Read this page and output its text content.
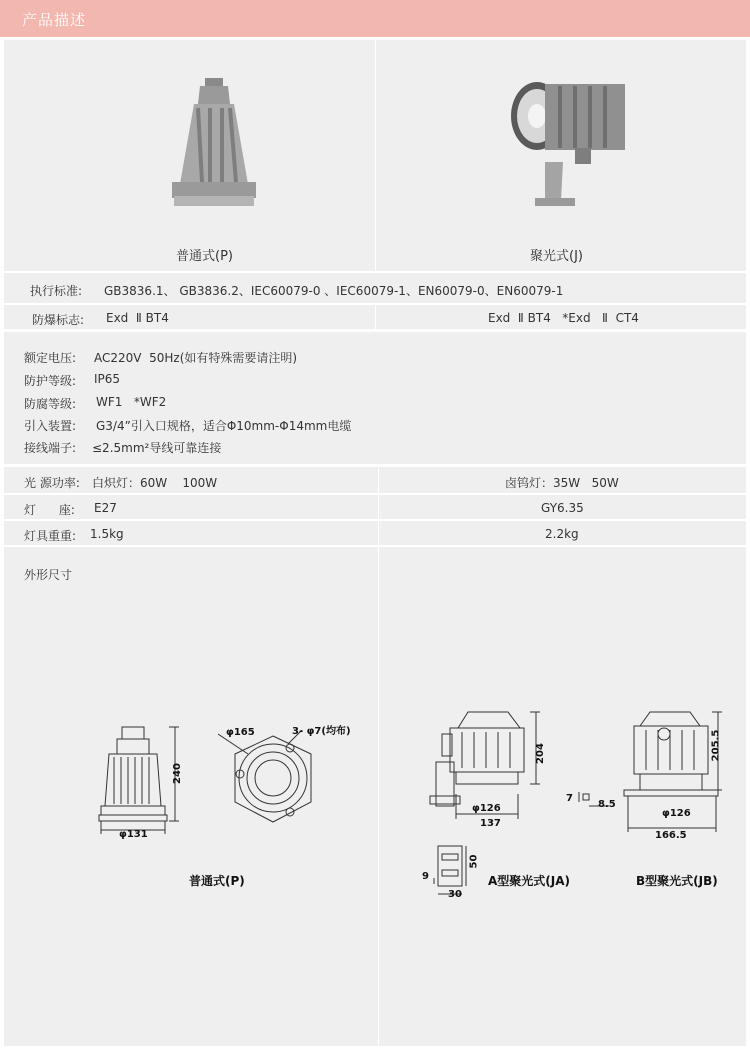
产品描述
普通式(P)	聚光式(J)
执行标准: GB3836.1、 GB3836.2、IEC60079-0 、IEC60079-1、EN60079-0、EN60079-1
防爆标志: Exd  Ⅱ BT4	Exd  Ⅱ BT4   *Exd   Ⅱ  CT4
额定电压: AC220V  50Hz(如有特殊需要请注明)
防护等级: IP65
防腐等级: WF1   *WF2
引入装置: G3/4”引入口规格，适合Φ10mm-Φ14mm电缆
接线端子: ≤2.5mm²导线可靠连接
光 源功率: 白炽灯：60W    100W	卤钨灯：35W   50W
灯      座: E27	GY6.35
灯具重重: 1.5kg	2.2kg
外形尺寸
240
φ131
φ165	3- φ7(均布)
普通式(P)
204
φ126
137
7
8.5
9
50
30
A型聚光式(JA)
205.5
φ126
166.5
B型聚光式(JB)
